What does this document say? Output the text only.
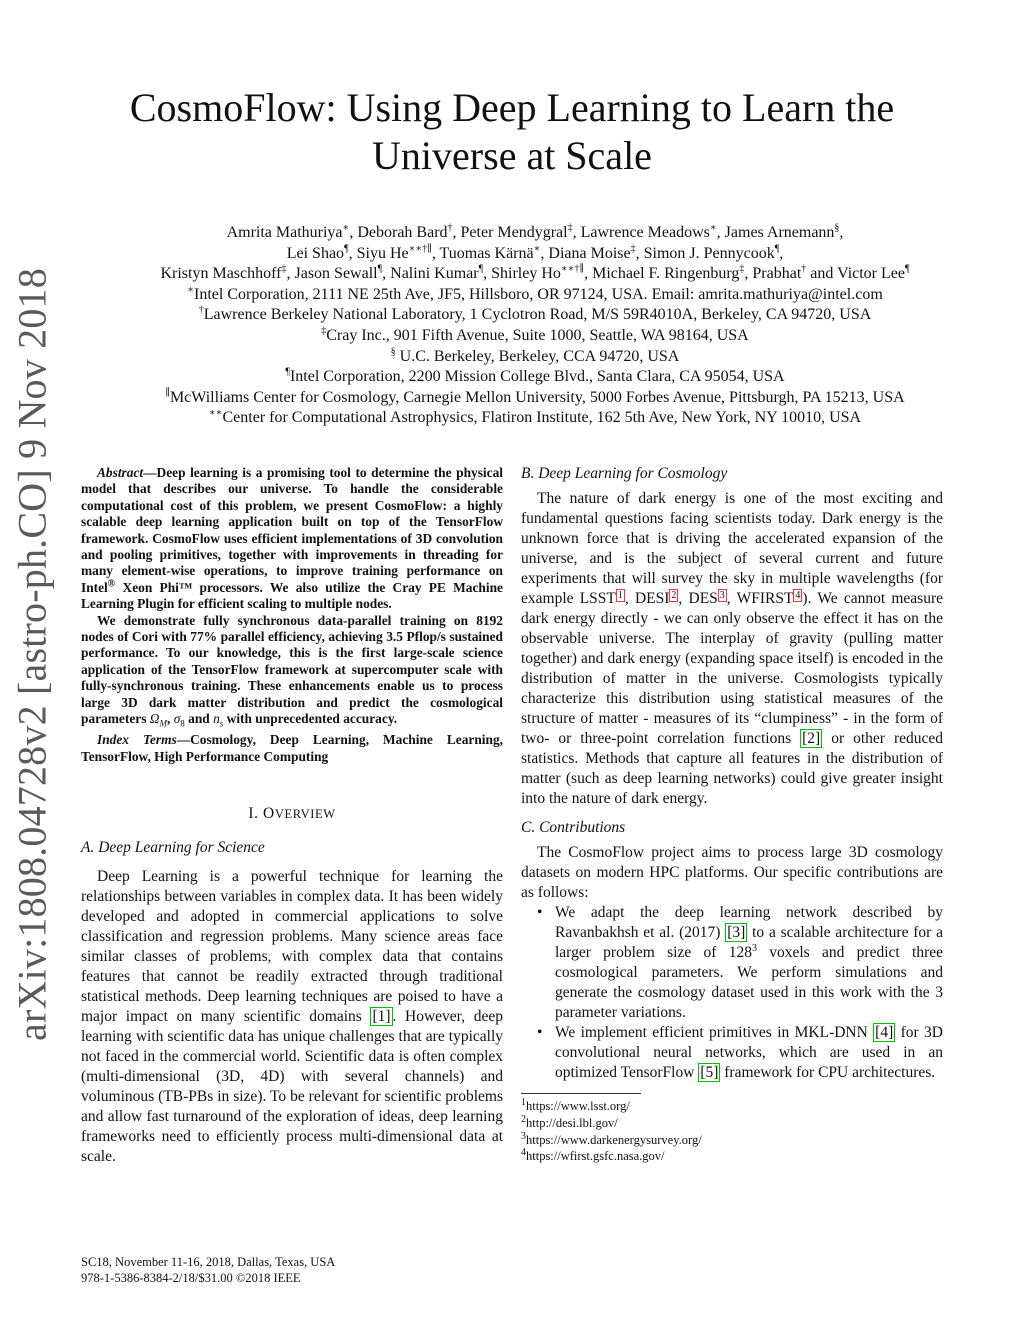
arXiv:1808.04728v2 [astro-ph.CO] 9 Nov 2018
CosmoFlow: Using Deep Learning to Learn the
Universe at Scale
Amrita Mathuriya∗, Deborah Bard†, Peter Mendygral‡, Lawrence Meadows∗, James Arnemann§,
Lei Shao¶, Siyu He∗∗†∥, Tuomas Kärnä∗, Diana Moise‡, Simon J. Pennycook¶,
Kristyn Maschhoff‡, Jason Sewall¶, Nalini Kumar¶, Shirley Ho∗∗†∥, Michael F. Ringenburg‡, Prabhat† and Victor Lee¶
∗Intel Corporation, 2111 NE 25th Ave, JF5, Hillsboro, OR 97124, USA. Email: amrita.mathuriya@intel.com
†Lawrence Berkeley National Laboratory, 1 Cyclotron Road, M/S 59R4010A, Berkeley, CA 94720, USA
‡Cray Inc., 901 Fifth Avenue, Suite 1000, Seattle, WA 98164, USA
§ U.C. Berkeley, Berkeley, CCA 94720, USA
¶Intel Corporation, 2200 Mission College Blvd., Santa Clara, CA 95054, USA
∥McWilliams Center for Cosmology, Carnegie Mellon University, 5000 Forbes Avenue, Pittsburgh, PA 15213, USA
∗∗Center for Computational Astrophysics, Flatiron Institute, 162 5th Ave, New York, NY 10010, USA

Abstract—Deep learning is a promising tool to determine the physical model that describes our universe. To handle the considerable computational cost of this problem, we present CosmoFlow: a highly scalable deep learning application built on top of the TensorFlow framework. CosmoFlow uses efficient implementations of 3D convolution and pooling primitives, together with improvements in threading for many element-wise operations, to improve training performance on Intel® Xeon Phi™ processors. We also utilize the Cray PE Machine Learning Plugin for efficient scaling to multiple nodes.

We demonstrate fully synchronous data-parallel training on 8192 nodes of Cori with 77% parallel efficiency, achieving 3.5 Pflop/s sustained performance. To our knowledge, this is the first large-scale science application of the TensorFlow framework at supercomputer scale with fully-synchronous training. These enhancements enable us to process large 3D dark matter distribution and predict the cosmological parameters $\Omega_M$, $\sigma_8$ and $n_s$ with unprecedented accuracy.

Index Terms—Cosmology, Deep Learning, Machine Learning, TensorFlow, High Performance Computing

I. OVERVIEW

A. Deep Learning for Science

Deep Learning is a powerful technique for learning the relationships between variables in complex data. It has been widely developed and adopted in commercial applications to solve classification and regression problems. Many science areas face similar classes of problems, with complex data that contains features that cannot be readily extracted through traditional statistical methods. Deep learning techniques are poised to have a major impact on many scientific domains [1] . However, deep learning with scientific data has unique challenges that are typically not faced in the commercial world. Scientific data is often complex (multi-dimensional (3D, 4D) with several channels) and voluminous (TB-PBs in size). To be relevant for scientific problems and allow fast turnaround of the exploration of ideas, deep learning frameworks need to efficiently process multi-dimensional data at scale.

B. Deep Learning for Cosmology

The nature of dark energy is one of the most exciting and fundamental questions facing scientists today. Dark energy is the unknown force that is driving the accelerated expansion of the universe, and is the subject of several current and future experiments that will survey the sky in multiple wavelengths (for example LSST $^1$ , DESI $^2$ , DES $^3$ , WFIRST $^4$ ). We cannot measure dark energy directly - we can only observe the effect it has on the observable universe. The interplay of gravity (pulling matter together) and dark energy (expanding space itself) is encoded in the distribution of matter in the universe. Cosmologists typically characterize this distribution using statistical measures of the structure of matter - measures of its “clumpiness” - in the form of two- or three-point correlation functions [2] or other reduced statistics. Methods that capture all features in the distribution of matter (such as deep learning networks) could give greater insight into the nature of dark energy.

C. Contributions

The CosmoFlow project aims to process large 3D cosmology datasets on modern HPC platforms. Our specific contributions are as follows:

• We adapt the deep learning network described by Ravanbakhsh et al. (2017) [3] to a scalable architecture for a larger problem size of $128^3$ voxels and predict three cosmological parameters. We perform simulations and generate the cosmology dataset used in this work with the 3 parameter variations.
• We implement efficient primitives in MKL-DNN [4] for 3D convolutional neural networks, which are used in an optimized TensorFlow [5] framework for CPU architectures.

$^1$https://www.lsst.org/

$^2$http://desi.lbl.gov/

$^3$https://www.darkenergysurvey.org/

$^4$https://wfirst.gsfc.nasa.gov/

SC18, November 11-16, 2018, Dallas, Texas, USA
978-1-5386-8384-2/18/$31.00 ©2018 IEEE
